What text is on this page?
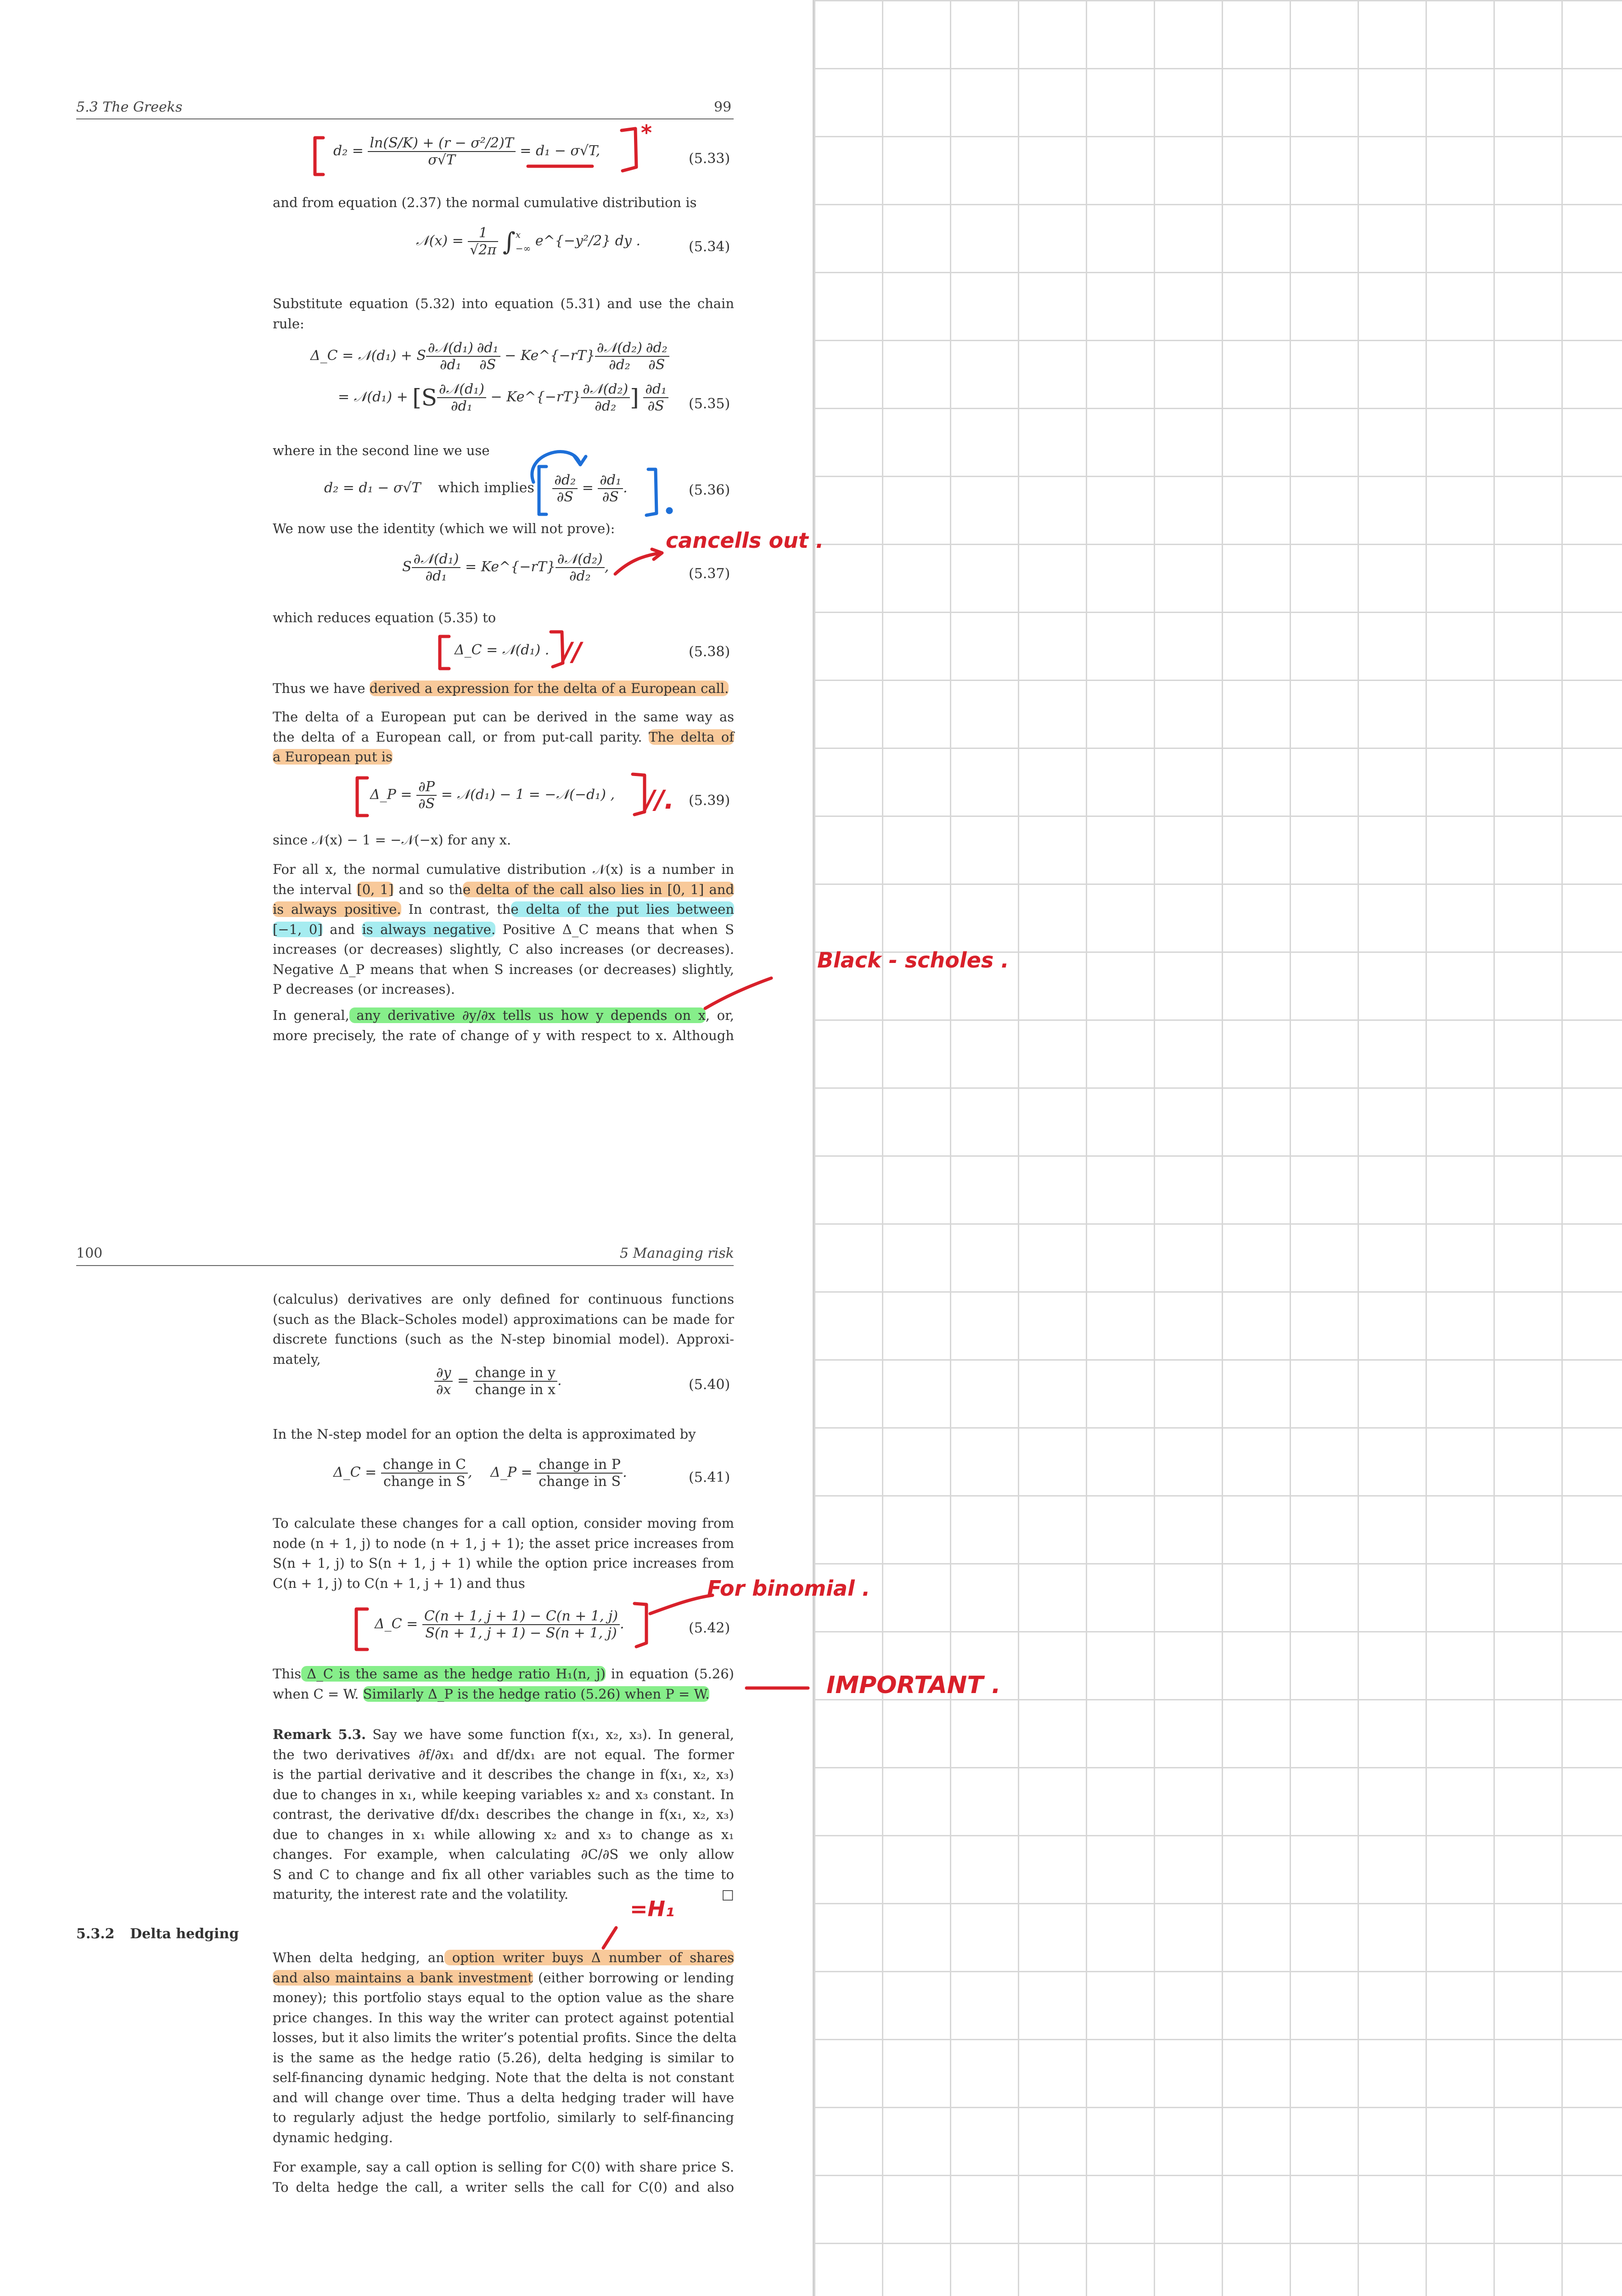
5.3 The Greeks	99
$d_2 = \frac{\text{ln(S/K) + (r − σ²/2)T}}{\sigma√T} = d_1 - \sigma√T$,	(5.33)
and from equation (2.37) the normal cumulative distribution is
𝒩(x) = $\frac{1}{√2\pi}$ ∫ x
−∞ e^{−y²/2} dy .	(5.34)
Substitute equation (5.32) into equation (5.31) and use the chain
rule:
Δ_C = 𝒩(d₁) + S $\frac{\text{∂𝒩(d₁)}}{\text{∂d₁}} \frac{\text{∂d₁}}{\partial S}$ − Ke^{−rT} $\frac{\text{∂𝒩(d₂)}}{\text{∂d₂}} \frac{\text{∂d₂}}{\partial S}$
= 𝒩(d₁) + [$S \frac{\text{∂𝒩(d₁)}}{\text{∂d₁}}$ − Ke^{−rT} $\frac{\text{∂𝒩(d₂)}}{\text{∂d₂}}$ ] $\frac{\text{∂d₁}}{\partial S} (5.35)$
where in the second line we use
d₂ = d₁ − σ√T which implies $\frac{\text{∂d₂}}{\partial S} = \frac{\text{∂d₁}}{\partial S}$ .	(5.36)
We now use the identity (which we will not prove):
S $\frac{\text{∂𝒩(d₁)}}{\text{∂d₁}}$ = Ke^{−rT} $\frac{\text{∂𝒩(d₂)}}{\text{∂d₂}}$ ,	(5.37)
which reduces equation (5.35) to
Δ_C = 𝒩(d₁) .	(5.38)
Thus we have derived a expression for the delta of a European call.
The delta of a European put can be derived in the same way as
the delta of a European call, or from put-call parity. The delta of
a European put is
Δ_P = $\frac{\partial P}{\partial S}$ = 𝒩(d₁) − 1 = −𝒩(−d₁) ,	(5.39)
since 𝒩(x) − 1 = −𝒩(−x) for any x.
For all x, the normal cumulative distribution 𝒩(x) is a number in
the interval [0, 1] and so the delta of the call also lies in [0, 1] and
is always positive. In contrast, the delta of the put lies between
[−1, 0] and is always negative. Positive Δ_C means that when S
increases (or decreases) slightly, C also increases (or decreases).
Negative Δ_P means that when S increases (or decreases) slightly,
P decreases (or increases).
In general, any derivative ∂y/∂x tells us how y depends on x, or,
more precisely, the rate of change of y with respect to x. Although
100	5 Managing risk
(calculus) derivatives are only defined for continuous functions
(such as the Black–Scholes model) approximations can be made for
discrete functions (such as the N-step binomial model). Approxi-
mately,
$\frac{\partial y}{\partial x} = \frac{\text{change in y}}{\text{change in x}}$ .	(5.40)
In the N-step model for an option the delta is approximated by
Δ_C = $\frac{\text{change in C}}{\text{change in S}}$ , Δ_P = $\frac{\text{change in P}}{\text{change in S}}$ .	(5.41)
To calculate these changes for a call option, consider moving from
node (n + 1, j) to node (n + 1, j + 1); the asset price increases from
S(n + 1, j) to S(n + 1, j + 1) while the option price increases from
C(n + 1, j) to C(n + 1, j + 1) and thus
Δ_C = $\frac{C(n + 1, j + 1) - C(n + 1, j)}{S(n + 1, j + 1) - S(n + 1, j)}$ .	(5.42)
This Δ_C is the same as the hedge ratio H₁(n, j) in equation (5.26)
when C = W. Similarly Δ_P is the hedge ratio (5.26) when P = W.
Remark 5.3. Say we have some function f(x₁, x₂, x₃). In general,
the two derivatives ∂f/∂x₁ and df/dx₁ are not equal. The former
is the partial derivative and it describes the change in f(x₁, x₂, x₃)
due to changes in x₁, while keeping variables x₂ and x₃ constant. In
contrast, the derivative df/dx₁ describes the change in f(x₁, x₂, x₃)
due to changes in x₁ while allowing x₂ and x₃ to change as x₁
changes. For example, when calculating ∂C/∂S we only allow
S and C to change and fix all other variables such as the time to
maturity, the interest rate and the volatility.	□
5.3.2 Delta hedging
When delta hedging, an option writer buys Δ number of shares
and also maintains a bank investment (either borrowing or lending
money); this portfolio stays equal to the option value as the share
price changes. In this way the writer can protect against potential
losses, but it also limits the writer’s potential profits. Since the delta
is the same as the hedge ratio (5.26), delta hedging is similar to
self-financing dynamic hedging. Note that the delta is not constant
and will change over time. Thus a delta hedging trader will have
to regularly adjust the hedge portfolio, similarly to self-financing
dynamic hedging.
For example, say a call option is selling for C(0) with share price S.
To delta hedge the call, a writer sells the call for C(0) and also
*
cancells out .
//
//.
Black - scholes .
For binomial .
IMPORTANT .
=H₁
